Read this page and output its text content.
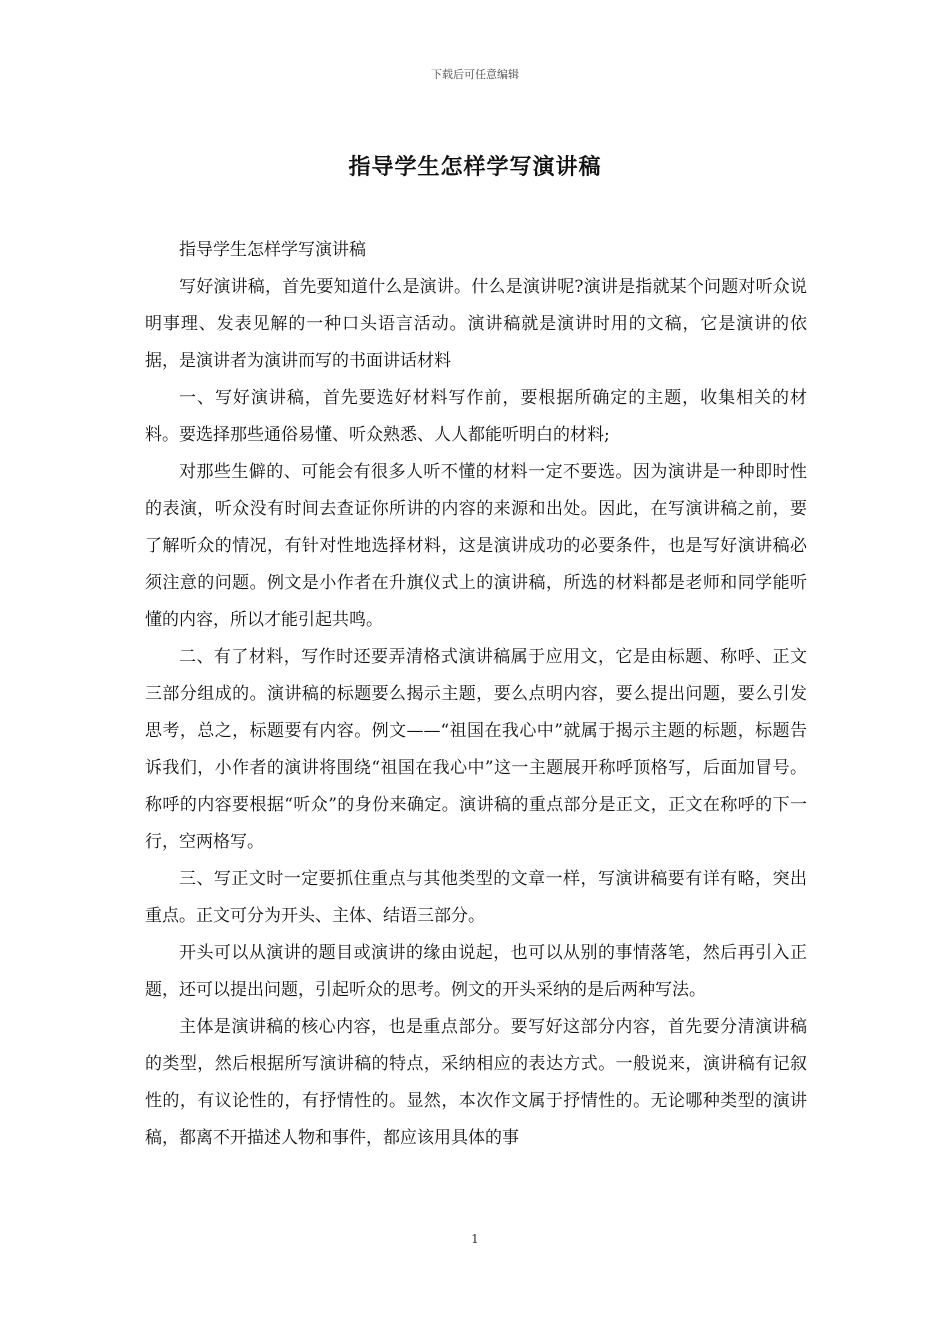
下载后可任意编辑
指导学生怎样学写演讲稿

指导学生怎样学写演讲稿

写好演讲稿，首先要知道什么是演讲。什么是演讲呢?演讲是指就某个问题对听众说明事理、发表见解的一种口头语言活动。演讲稿就是演讲时用的文稿，它是演讲的依据，是演讲者为演讲而写的书面讲话材料

一、写好演讲稿，首先要选好材料写作前，要根据所确定的主题，收集相关的材料。要选择那些通俗易懂、听众熟悉、人人都能听明白的材料;

对那些生僻的、可能会有很多人听不懂的材料一定不要选。因为演讲是一种即时性的表演，听众没有时间去查证你所讲的内容的来源和出处。因此，在写演讲稿之前，要了解听众的情况，有针对性地选择材料，这是演讲成功的必要条件，也是写好演讲稿必须注意的问题。例文是小作者在升旗仪式上的演讲稿，所选的材料都是老师和同学能听懂的内容，所以才能引起共鸣。

二、有了材料，写作时还要弄清格式演讲稿属于应用文，它是由标题、称呼、正文三部分组成的。演讲稿的标题要么揭示主题，要么点明内容，要么提出问题，要么引发思考，总之，标题要有内容。例文——“祖国在我心中”就属于揭示主题的标题，标题告诉我们，小作者的演讲将围绕“祖国在我心中”这一主题展开称呼顶格写，后面加冒号。称呼的内容要根据“听众”的身份来确定。演讲稿的重点部分是正文，正文在称呼的下一行，空两格写。

三、写正文时一定要抓住重点与其他类型的文章一样，写演讲稿要有详有略，突出重点。正文可分为开头、主体、结语三部分。

开头可以从演讲的题目或演讲的缘由说起，也可以从别的事情落笔，然后再引入正题，还可以提出问题，引起听众的思考。例文的开头采纳的是后两种写法。

主体是演讲稿的核心内容，也是重点部分。要写好这部分内容，首先要分清演讲稿的类型，然后根据所写演讲稿的特点，采纳相应的表达方式。一般说来，演讲稿有记叙性的，有议论性的，有抒情性的。显然，本次作文属于抒情性的。无论哪种类型的演讲稿，都离不开描述人物和事件，都应该用具体的事

1
